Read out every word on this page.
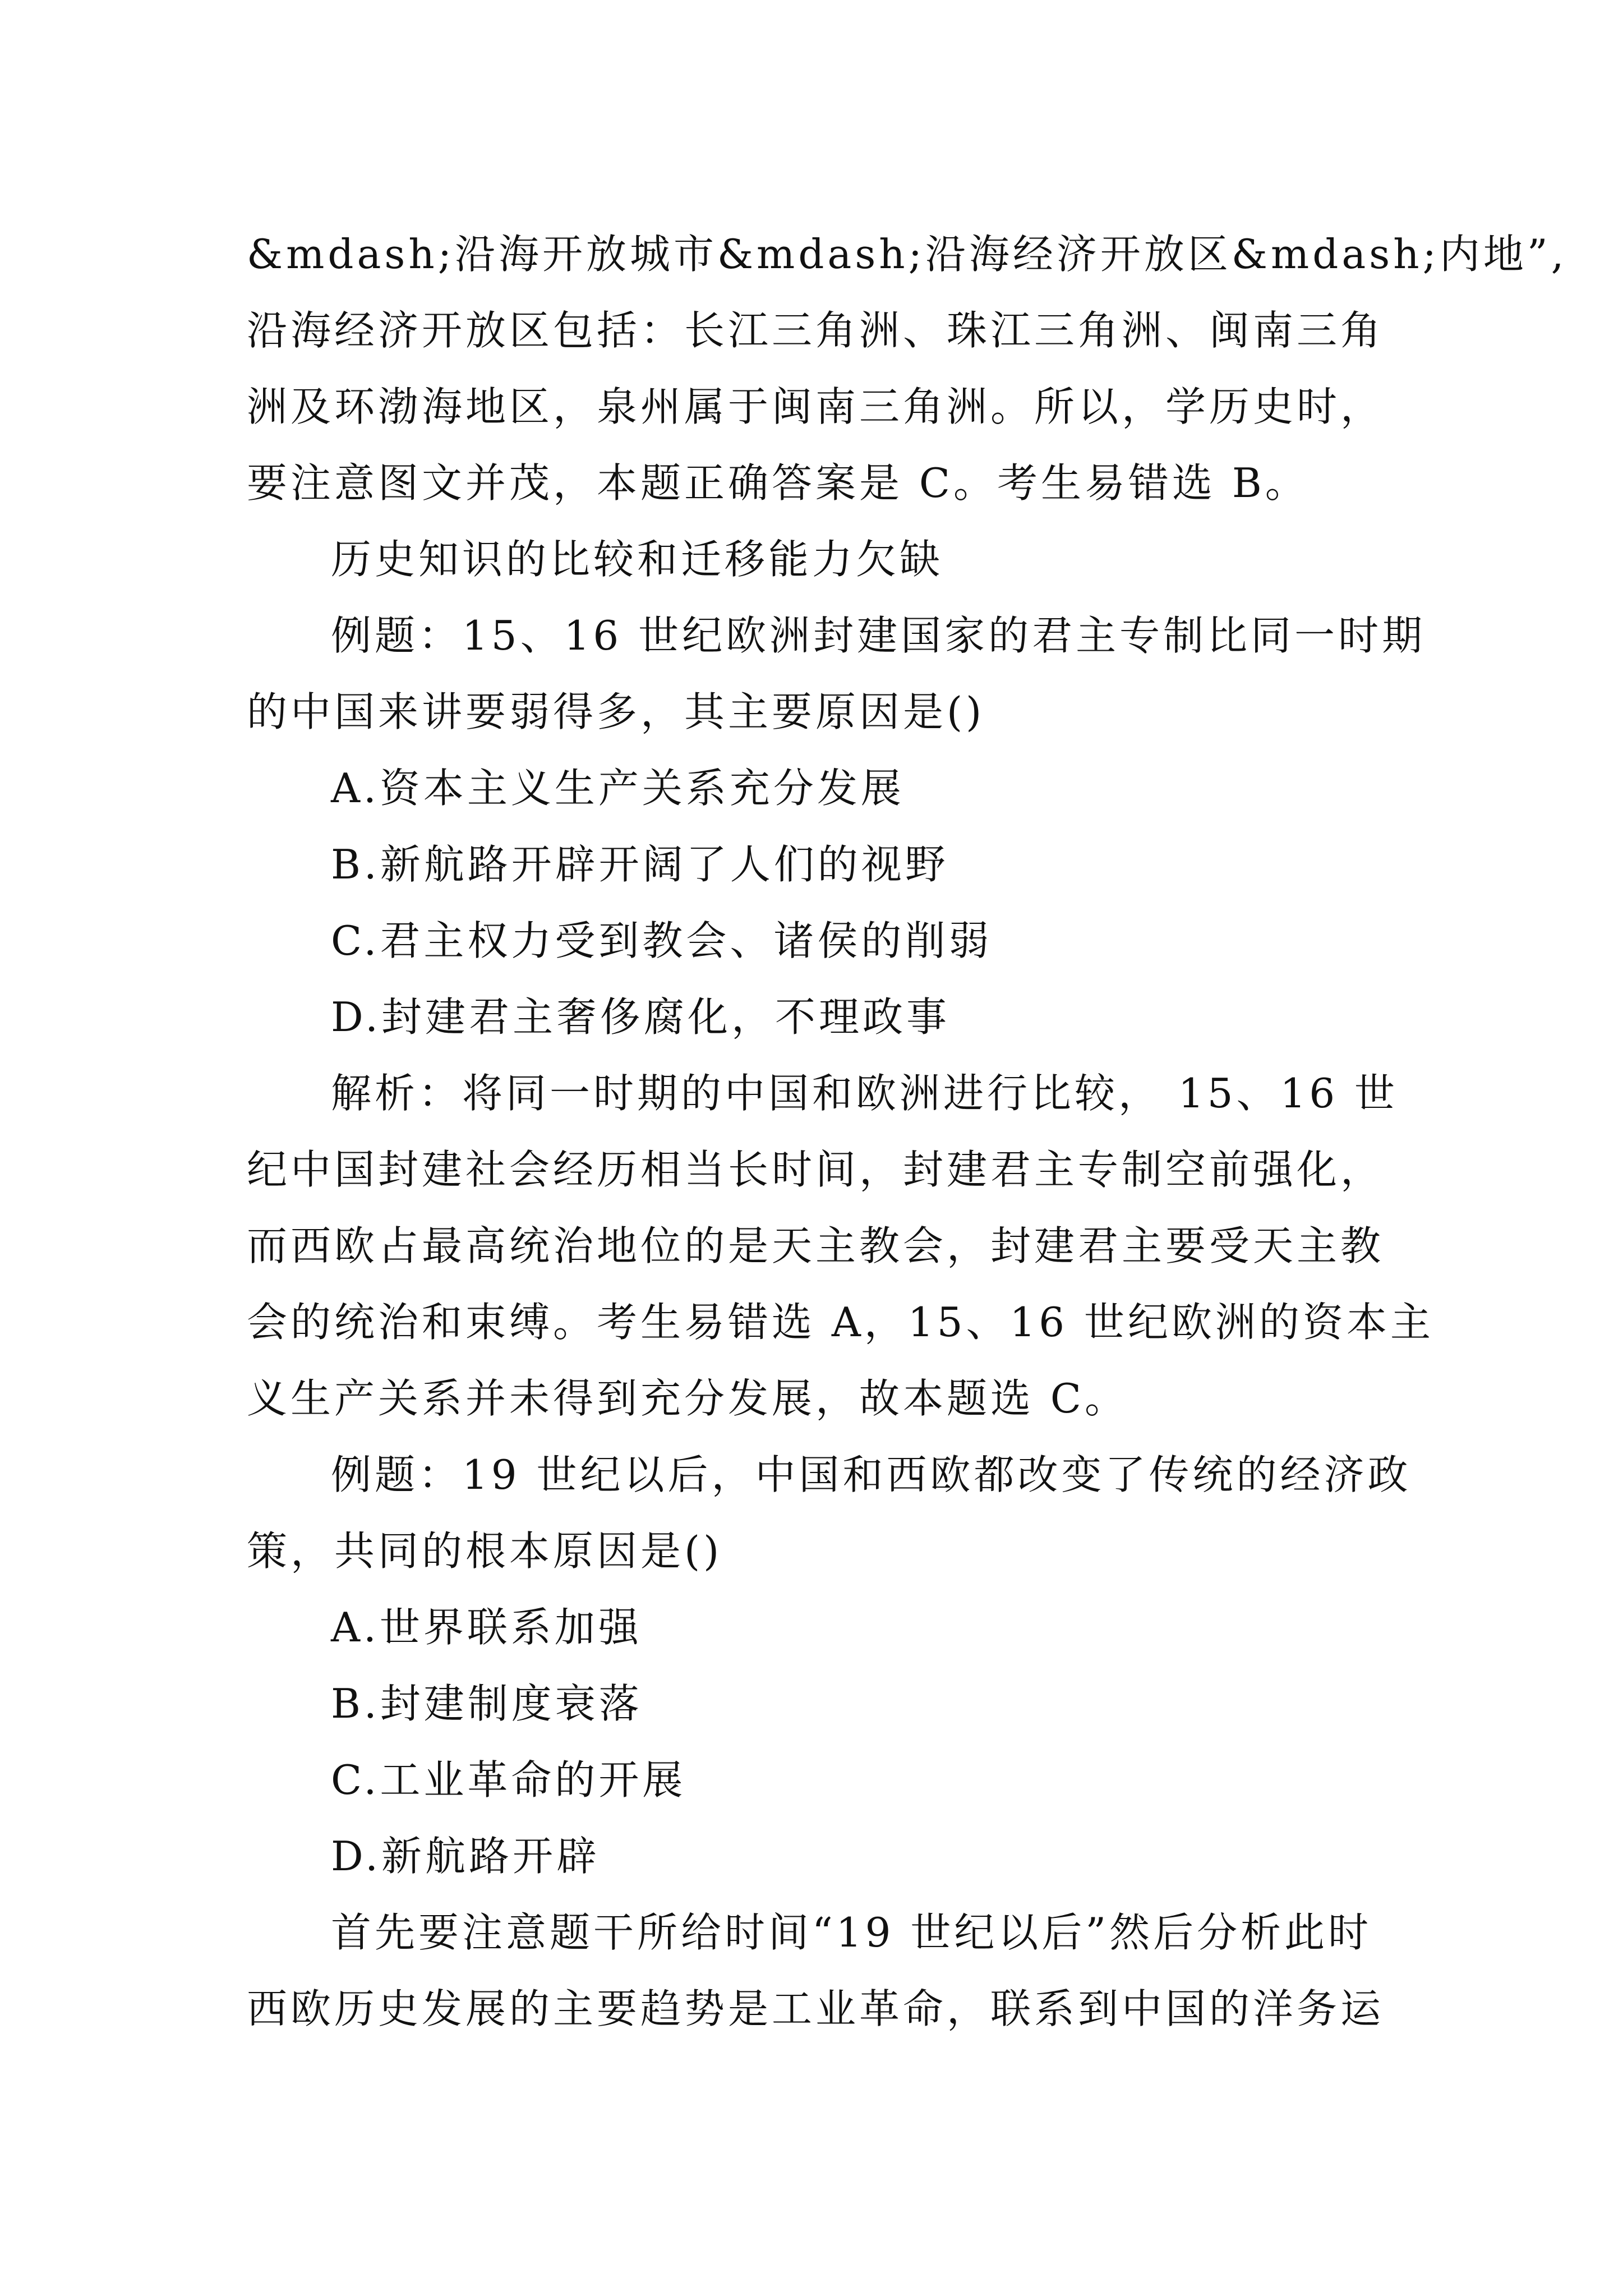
&mdash;沿海开放城市&mdash;沿海经济开放区&mdash;内地”,
沿海经济开放区包括：长江三角洲、珠江三角洲、闽南三角
洲及环渤海地区，泉州属于闽南三角洲。所以，学历史时，
要注意图文并茂，本题正确答案是 C。考生易错选 B。
历史知识的比较和迁移能力欠缺
例题：15、16 世纪欧洲封建国家的君主专制比同一时期
的中国来讲要弱得多，其主要原因是()
A.资本主义生产关系充分发展
B.新航路开辟开阔了人们的视野
C.君主权力受到教会、诸侯的削弱
D.封建君主奢侈腐化，不理政事
解析：将同一时期的中国和欧洲进行比较， 15、16 世
纪中国封建社会经历相当长时间，封建君主专制空前强化，
而西欧占最高统治地位的是天主教会，封建君主要受天主教
会的统治和束缚。考生易错选 A，15、16 世纪欧洲的资本主
义生产关系并未得到充分发展，故本题选 C。
例题：19 世纪以后，中国和西欧都改变了传统的经济政
策，共同的根本原因是()
A.世界联系加强
B.封建制度衰落
C.工业革命的开展
D.新航路开辟
首先要注意题干所给时间“19 世纪以后”然后分析此时
西欧历史发展的主要趋势是工业革命，联系到中国的洋务运
